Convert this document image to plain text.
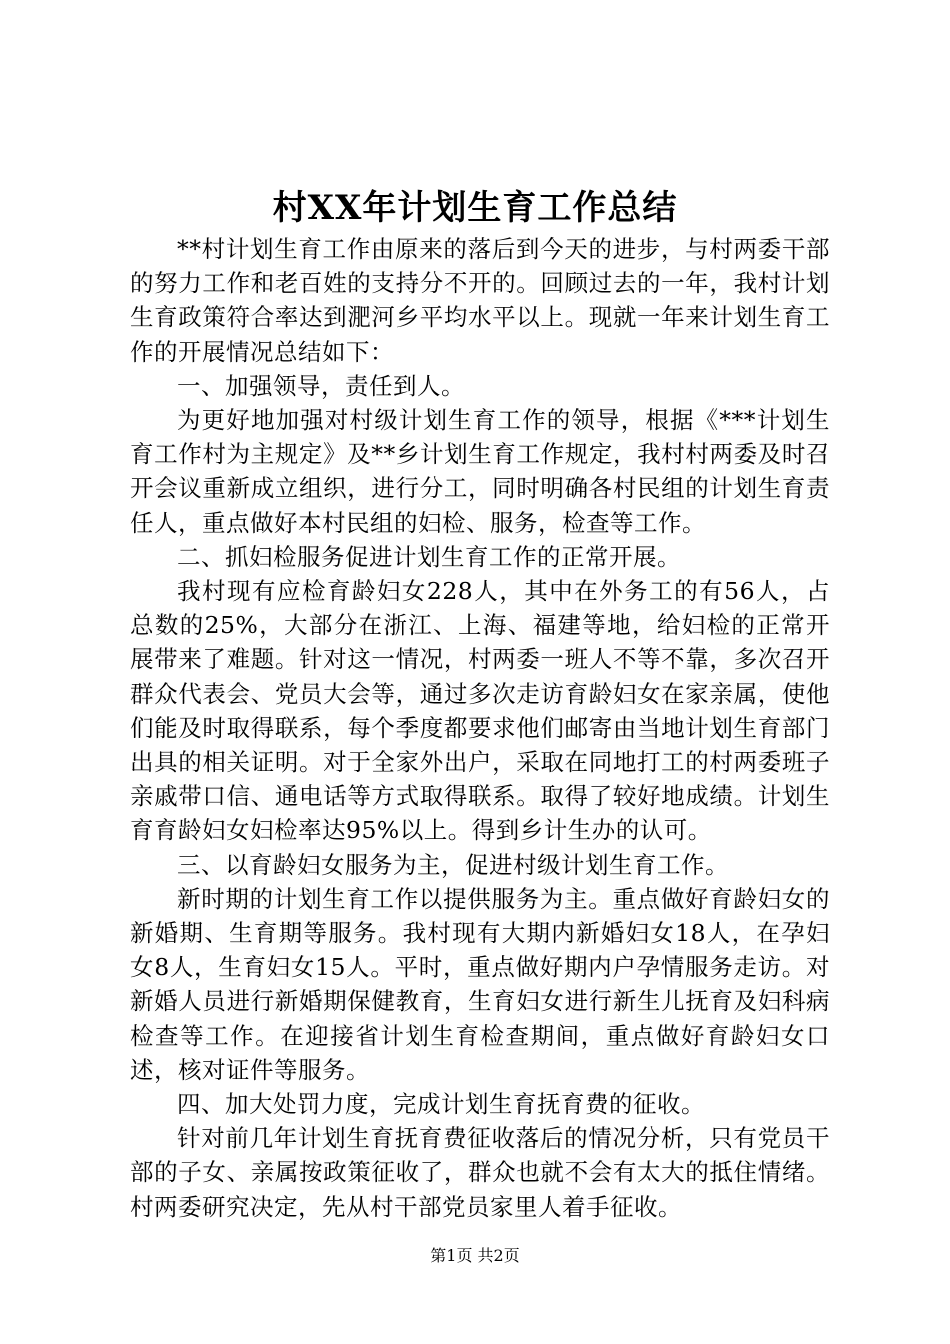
村XX年计划生育工作总结

**村计划生育工作由原来的落后到今天的进步，与村两委干部的努力工作和老百姓的支持分不开的。回顾过去的一年，我村计划生育政策符合率达到淝河乡平均水平以上。现就一年来计划生育工作的开展情况总结如下：

一、加强领导，责任到人。

为更好地加强对村级计划生育工作的领导，根据《***计划生育工作村为主规定》及**乡计划生育工作规定，我村村两委及时召开会议重新成立组织，进行分工，同时明确各村民组的计划生育责任人，重点做好本村民组的妇检、服务，检查等工作。

二、抓妇检服务促进计划生育工作的正常开展。

我村现有应检育龄妇女228人，其中在外务工的有56人，占总数的25%，大部分在浙江、上海、福建等地，给妇检的正常开展带来了难题。针对这一情况，村两委一班人不等不靠，多次召开群众代表会、党员大会等，通过多次走访育龄妇女在家亲属，使他们能及时取得联系，每个季度都要求他们邮寄由当地计划生育部门出具的相关证明。对于全家外出户，采取在同地打工的村两委班子亲戚带口信、通电话等方式取得联系。取得了较好地成绩。计划生育育龄妇女妇检率达95%以上。得到乡计生办的认可。

三、以育龄妇女服务为主，促进村级计划生育工作。

新时期的计划生育工作以提供服务为主。重点做好育龄妇女的新婚期、生育期等服务。我村现有大期内新婚妇女18人，在孕妇女8人，生育妇女15人。平时，重点做好期内户孕情服务走访。对新婚人员进行新婚期保健教育，生育妇女进行新生儿抚育及妇科病检查等工作。在迎接省计划生育检查期间，重点做好育龄妇女口述，核对证件等服务。

四、加大处罚力度，完成计划生育抚育费的征收。

针对前几年计划生育抚育费征收落后的情况分析，只有党员干部的子女、亲属按政策征收了，群众也就不会有太大的抵住情绪。村两委研究决定，先从村干部党员家里人着手征收。

第1页 共2页
